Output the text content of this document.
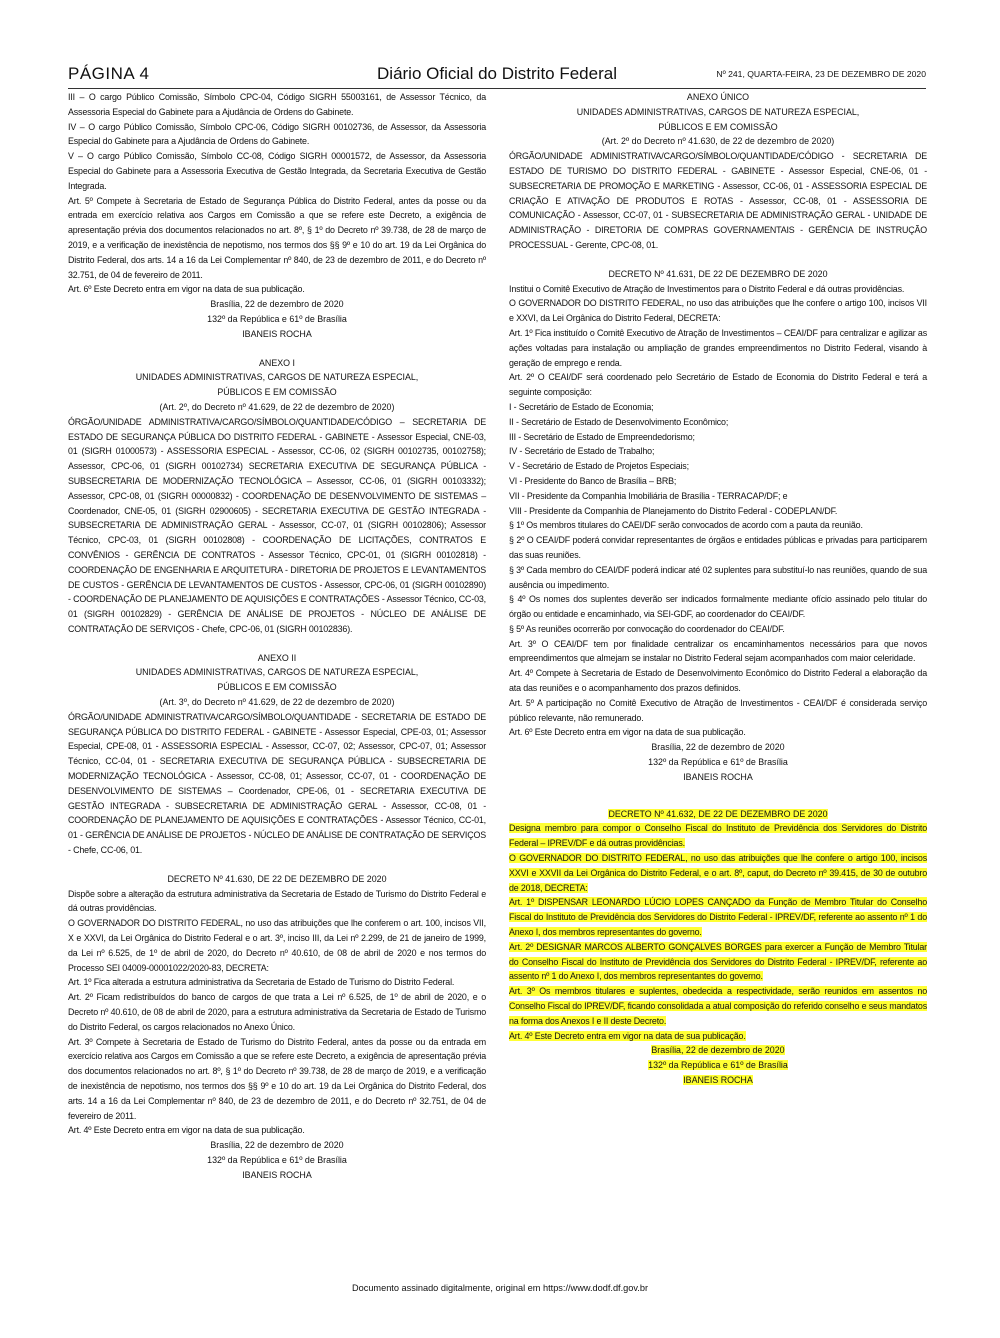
PÁGINA 4	Diário Oficial do Distrito Federal	Nº 241, QUARTA-FEIRA, 23 DE DEZEMBRO DE 2020

III – O cargo Público Comissão, Símbolo CPC-04, Código SIGRH 55003161, de Assessor Técnico, da Assessoria Especial do Gabinete para a Ajudância de Ordens do Gabinete.

IV – O cargo Público Comissão, Símbolo CPC-06, Código SIGRH 00102736, de Assessor, da Assessoria Especial do Gabinete para a Ajudância de Ordens do Gabinete.

V – O cargo Público Comissão, Símbolo CC-08, Código SIGRH 00001572, de Assessor, da Assessoria Especial do Gabinete para a Assessoria Executiva de Gestão Integrada, da Secretaria Executiva de Gestão Integrada.

Art. 5º Compete à Secretaria de Estado de Segurança Pública do Distrito Federal, antes da posse ou da entrada em exercício relativa aos Cargos em Comissão a que se refere este Decreto, a exigência de apresentação prévia dos documentos relacionados no art. 8º, § 1º do Decreto nº 39.738, de 28 de março de 2019, e a verificação de inexistência de nepotismo, nos termos dos §§ 9º e 10 do art. 19 da Lei Orgânica do Distrito Federal, dos arts. 14 a 16 da Lei Complementar nº 840, de 23 de dezembro de 2011, e do Decreto nº 32.751, de 04 de fevereiro de 2011.

Art. 6º Este Decreto entra em vigor na data de sua publicação.

Brasília, 22 de dezembro de 2020

132º da República e 61º de Brasília

IBANEIS ROCHA

ANEXO I

UNIDADES ADMINISTRATIVAS, CARGOS DE NATUREZA ESPECIAL,

PÚBLICOS E EM COMISSÃO

(Art. 2º, do Decreto nº 41.629, de 22 de dezembro de 2020)

ÓRGÃO/UNIDADE ADMINISTRATIVA/CARGO/SÍMBOLO/QUANTIDADE/CÓDIGO – SECRETARIA DE ESTADO DE SEGURANÇA PÚBLICA DO DISTRITO FEDERAL - GABINETE - Assessor Especial, CNE-03, 01 (SIGRH 01000573) - ASSESSORIA ESPECIAL - Assessor, CC-06, 02 (SIGRH 00102735, 00102758); Assessor, CPC-06, 01 (SIGRH 00102734) SECRETARIA EXECUTIVA DE SEGURANÇA PÚBLICA - SUBSECRETARIA DE MODERNIZAÇÃO TECNOLÓGICA – Assessor, CC-06, 01 (SIGRH 00103332); Assessor, CPC-08, 01 (SIGRH 00000832) - COORDENAÇÃO DE DESENVOLVIMENTO DE SISTEMAS – Coordenador, CNE-05, 01 (SIGRH 02900605) - SECRETARIA EXECUTIVA DE GESTÃO INTEGRADA - SUBSECRETARIA DE ADMINISTRAÇÃO GERAL - Assessor, CC-07, 01 (SIGRH 00102806); Assessor Técnico, CPC-03, 01 (SIGRH 00102808) - COORDENAÇÃO DE LICITAÇÕES, CONTRATOS E CONVÊNIOS - GERÊNCIA DE CONTRATOS - Assessor Técnico, CPC-01, 01 (SIGRH 00102818) - COORDENAÇÃO DE ENGENHARIA E ARQUITETURA - DIRETORIA DE PROJETOS E LEVANTAMENTOS DE CUSTOS - GERÊNCIA DE LEVANTAMENTOS DE CUSTOS - Assessor, CPC-06, 01 (SIGRH 00102890) - COORDENAÇÃO DE PLANEJAMENTO DE AQUISIÇÕES E CONTRATAÇÕES - Assessor Técnico, CC-03, 01 (SIGRH 00102829) - GERÊNCIA DE ANÁLISE DE PROJETOS - NÚCLEO DE ANÁLISE DE CONTRATAÇÃO DE SERVIÇOS - Chefe, CPC-06, 01 (SIGRH 00102836).

ANEXO II

UNIDADES ADMINISTRATIVAS, CARGOS DE NATUREZA ESPECIAL,

PÚBLICOS E EM COMISSÃO

(Art. 3º, do Decreto nº 41.629, de 22 de dezembro de 2020)

ÓRGÃO/UNIDADE ADMINISTRATIVA/CARGO/SÍMBOLO/QUANTIDADE - SECRETARIA DE ESTADO DE SEGURANÇA PÚBLICA DO DISTRITO FEDERAL - GABINETE - Assessor Especial, CPE-03, 01; Assessor Especial, CPE-08, 01 - ASSESSORIA ESPECIAL - Assessor, CC-07, 02; Assessor, CPC-07, 01; Assessor Técnico, CC-04, 01 - SECRETARIA EXECUTIVA DE SEGURANÇA PÚBLICA - SUBSECRETARIA DE MODERNIZAÇÃO TECNOLÓGICA - Assessor, CC-08, 01; Assessor, CC-07, 01 - COORDENAÇÃO DE DESENVOLVIMENTO DE SISTEMAS – Coordenador, CPE-06, 01 - SECRETARIA EXECUTIVA DE GESTÃO INTEGRADA - SUBSECRETARIA DE ADMINISTRAÇÃO GERAL - Assessor, CC-08, 01 - COORDENAÇÃO DE PLANEJAMENTO DE AQUISIÇÕES E CONTRATAÇÕES - Assessor Técnico, CC-01, 01 - GERÊNCIA DE ANÁLISE DE PROJETOS - NÚCLEO DE ANÁLISE DE CONTRATAÇÃO DE SERVIÇOS - Chefe, CC-06, 01.

DECRETO Nº 41.630, DE 22 DE DEZEMBRO DE 2020

Dispõe sobre a alteração da estrutura administrativa da Secretaria de Estado de Turismo do Distrito Federal e dá outras providências.

O GOVERNADOR DO DISTRITO FEDERAL, no uso das atribuições que lhe conferem o art. 100, incisos VII, X e XXVI, da Lei Orgânica do Distrito Federal e o art. 3º, inciso III, da Lei nº 2.299, de 21 de janeiro de 1999, da Lei nº 6.525, de 1º de abril de 2020, do Decreto nº 40.610, de 08 de abril de 2020 e nos termos do Processo SEI 04009-00001022/2020-83, DECRETA:

Art. 1º Fica alterada a estrutura administrativa da Secretaria de Estado de Turismo do Distrito Federal.

Art. 2º Ficam redistribuídos do banco de cargos de que trata a Lei nº 6.525, de 1º de abril de 2020, e o Decreto nº 40.610, de 08 de abril de 2020, para a estrutura administrativa da Secretaria de Estado de Turismo do Distrito Federal, os cargos relacionados no Anexo Único.

Art. 3º Compete à Secretaria de Estado de Turismo do Distrito Federal, antes da posse ou da entrada em exercício relativa aos Cargos em Comissão a que se refere este Decreto, a exigência de apresentação prévia dos documentos relacionados no art. 8º, § 1º do Decreto nº 39.738, de 28 de março de 2019, e a verificação de inexistência de nepotismo, nos termos dos §§ 9º e 10 do art. 19 da Lei Orgânica do Distrito Federal, dos arts. 14 a 16 da Lei Complementar nº 840, de 23 de dezembro de 2011, e do Decreto nº 32.751, de 04 de fevereiro de 2011.

Art. 4º Este Decreto entra em vigor na data de sua publicação.

Brasília, 22 de dezembro de 2020

132º da República e 61º de Brasília

IBANEIS ROCHA

ANEXO ÚNICO

UNIDADES ADMINISTRATIVAS, CARGOS DE NATUREZA ESPECIAL,

PÚBLICOS E EM COMISSÃO

(Art. 2º do Decreto nº 41.630, de 22 de dezembro de 2020)

ÓRGÃO/UNIDADE ADMINISTRATIVA/CARGO/SÍMBOLO/QUANTIDADE/CÓDIGO - SECRETARIA DE ESTADO DE TURISMO DO DISTRITO FEDERAL - GABINETE - Assessor Especial, CNE-06, 01 - SUBSECRETARIA DE PROMOÇÃO E MARKETING - Assessor, CC-06, 01 - ASSESSORIA ESPECIAL DE CRIAÇÃO E ATIVAÇÃO DE PRODUTOS E ROTAS - Assessor, CC-08, 01 - ASSESSORIA DE COMUNICAÇÃO - Assessor, CC-07, 01 - SUBSECRETARIA DE ADMINISTRAÇÃO GERAL - UNIDADE DE ADMINISTRAÇÃO - DIRETORIA DE COMPRAS GOVERNAMENTAIS - GERÊNCIA DE INSTRUÇÃO PROCESSUAL - Gerente, CPC-08, 01.

DECRETO Nº 41.631, DE 22 DE DEZEMBRO DE 2020

Institui o Comitê Executivo de Atração de Investimentos para o Distrito Federal e dá outras providências.

O GOVERNADOR DO DISTRITO FEDERAL, no uso das atribuições que lhe confere o artigo 100, incisos VII e XXVI, da Lei Orgânica do Distrito Federal, DECRETA:

Art. 1º Fica instituído o Comitê Executivo de Atração de Investimentos – CEAI/DF para centralizar e agilizar as ações voltadas para instalação ou ampliação de grandes empreendimentos no Distrito Federal, visando à geração de emprego e renda.

Art. 2º O CEAI/DF será coordenado pelo Secretário de Estado de Economia do Distrito Federal e terá a seguinte composição:

I - Secretário de Estado de Economia;

II - Secretário de Estado de Desenvolvimento Econômico;

III - Secretário de Estado de Empreendedorismo;

IV - Secretário de Estado de Trabalho;

V - Secretário de Estado de Projetos Especiais;

VI - Presidente do Banco de Brasília – BRB;

VII - Presidente da Companhia Imobiliária de Brasília - TERRACAP/DF; e

VIII - Presidente da Companhia de Planejamento do Distrito Federal - CODEPLAN/DF.

§ 1º Os membros titulares do CAEI/DF serão convocados de acordo com a pauta da reunião.

§ 2º O CEAI/DF poderá convidar representantes de órgãos e entidades públicas e privadas para participarem das suas reuniões.

§ 3º Cada membro do CEAI/DF poderá indicar até 02 suplentes para substituí-lo nas reuniões, quando de sua ausência ou impedimento.

§ 4º Os nomes dos suplentes deverão ser indicados formalmente mediante ofício assinado pelo titular do órgão ou entidade e encaminhado, via SEI-GDF, ao coordenador do CEAI/DF.

§ 5º As reuniões ocorrerão por convocação do coordenador do CEAI/DF.

Art. 3º O CEAI/DF tem por finalidade centralizar os encaminhamentos necessários para que novos empreendimentos que almejam se instalar no Distrito Federal sejam acompanhados com maior celeridade.

Art. 4º Compete à Secretaria de Estado de Desenvolvimento Econômico do Distrito Federal a elaboração da ata das reuniões e o acompanhamento dos prazos definidos.

Art. 5º A participação no Comitê Executivo de Atração de Investimentos - CEAI/DF é considerada serviço público relevante, não remunerado.

Art. 6º Este Decreto entra em vigor na data de sua publicação.

Brasília, 22 de dezembro de 2020

132º da República e 61º de Brasília

IBANEIS ROCHA

DECRETO Nº 41.632, DE 22 DE DEZEMBRO DE 2020

Designa membro para compor o Conselho Fiscal do Instituto de Previdência dos Servidores do Distrito Federal – IPREV/DF e dá outras providências.

O GOVERNADOR DO DISTRITO FEDERAL, no uso das atribuições que lhe confere o artigo 100, incisos XXVI e XXVII da Lei Orgânica do Distrito Federal, e o art. 8º, caput, do Decreto nº 39.415, de 30 de outubro de 2018, DECRETA:

Art. 1º DISPENSAR LEONARDO LÚCIO LOPES CANÇADO da Função de Membro Titular do Conselho Fiscal do Instituto de Previdência dos Servidores do Distrito Federal - IPREV/DF, referente ao assento nº 1 do Anexo I, dos membros representantes do governo.

Art. 2º DESIGNAR MARCOS ALBERTO GONÇALVES BORGES para exercer a Função de Membro Titular do Conselho Fiscal do Instituto de Previdência dos Servidores do Distrito Federal - IPREV/DF, referente ao assento nº 1 do Anexo I, dos membros representantes do governo.

Art. 3º Os membros titulares e suplentes, obedecida a respectividade, serão reunidos em assentos no Conselho Fiscal do IPREV/DF, ficando consolidada a atual composição do referido conselho e seus mandatos na forma dos Anexos I e II deste Decreto.

Art. 4º Este Decreto entra em vigor na data de sua publicação.

Brasília, 22 de dezembro de 2020

132º da República e 61º de Brasília

IBANEIS ROCHA

Documento assinado digitalmente, original em https://www.dodf.df.gov.br
